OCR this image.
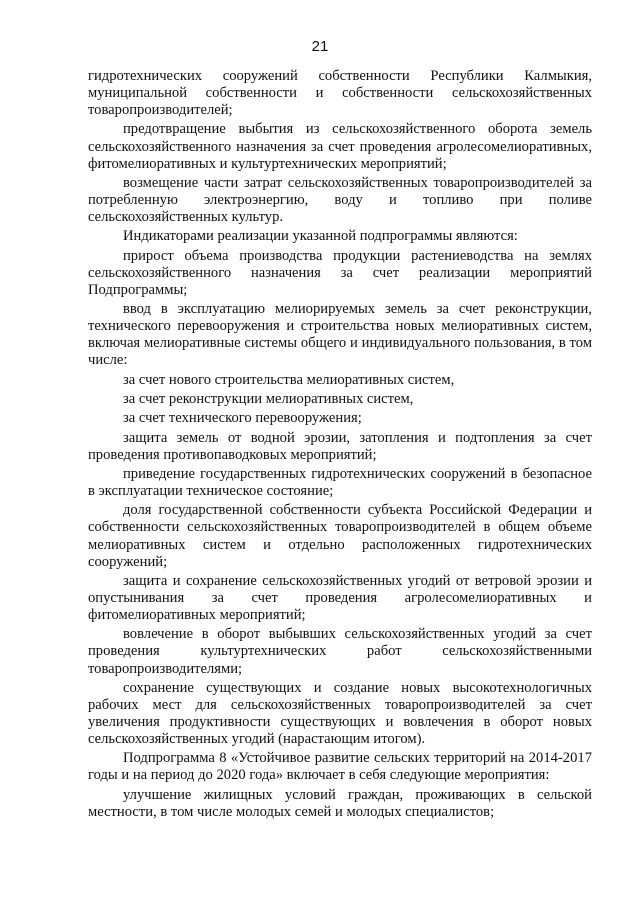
21

гидротехнических сооружений собственности Республики Калмыкия, муниципальной собственности и собственности сельскохозяйственных товаропроизводителей;

предотвращение выбытия из сельскохозяйственного оборота земель сельскохозяйственного назначения за счет проведения агролесомелиоративных, фитомелиоративных и культуртехнических мероприятий;

возмещение части затрат сельскохозяйственных товаропроизводителей за потребленную электроэнергию, воду и топливо при поливе сельскохозяйственных культур.

Индикаторами реализации указанной подпрограммы являются:

прирост объема производства продукции растениеводства на землях сельскохозяйственного назначения за счет реализации мероприятий Подпрограммы;

ввод в эксплуатацию мелиорируемых земель за счет реконструкции, технического перевооружения и строительства новых мелиоративных систем, включая мелиоративные системы общего и индивидуального пользования, в том числе:

за счет нового строительства мелиоративных систем,

за счет реконструкции мелиоративных систем,

за счет технического перевооружения;

защита земель от водной эрозии, затопления и подтопления за счет проведения противопаводковых мероприятий;

приведение государственных гидротехнических сооружений в безопасное в эксплуатации техническое состояние;

доля государственной собственности субъекта Российской Федерации и собственности сельскохозяйственных товаропроизводителей в общем объеме мелиоративных систем и отдельно расположенных гидротехнических сооружений;

защита и сохранение сельскохозяйственных угодий от ветровой эрозии и опустынивания за счет проведения агролесомелиоративных и фитомелиоративных мероприятий;

вовлечение в оборот выбывших сельскохозяйственных угодий за счет проведения культуртехнических работ сельскохозяйственными товаропроизводителями;

сохранение существующих и создание новых высокотехнологичных рабочих мест для сельскохозяйственных товаропроизводителей за счет увеличения продуктивности существующих и вовлечения в оборот новых сельскохозяйственных угодий (нарастающим итогом).

Подпрограмма 8 «Устойчивое развитие сельских территорий на 2014-2017 годы и на период до 2020 года» включает в себя следующие мероприятия:

улучшение жилищных условий граждан, проживающих в сельской местности, в том числе молодых семей и молодых специалистов;
